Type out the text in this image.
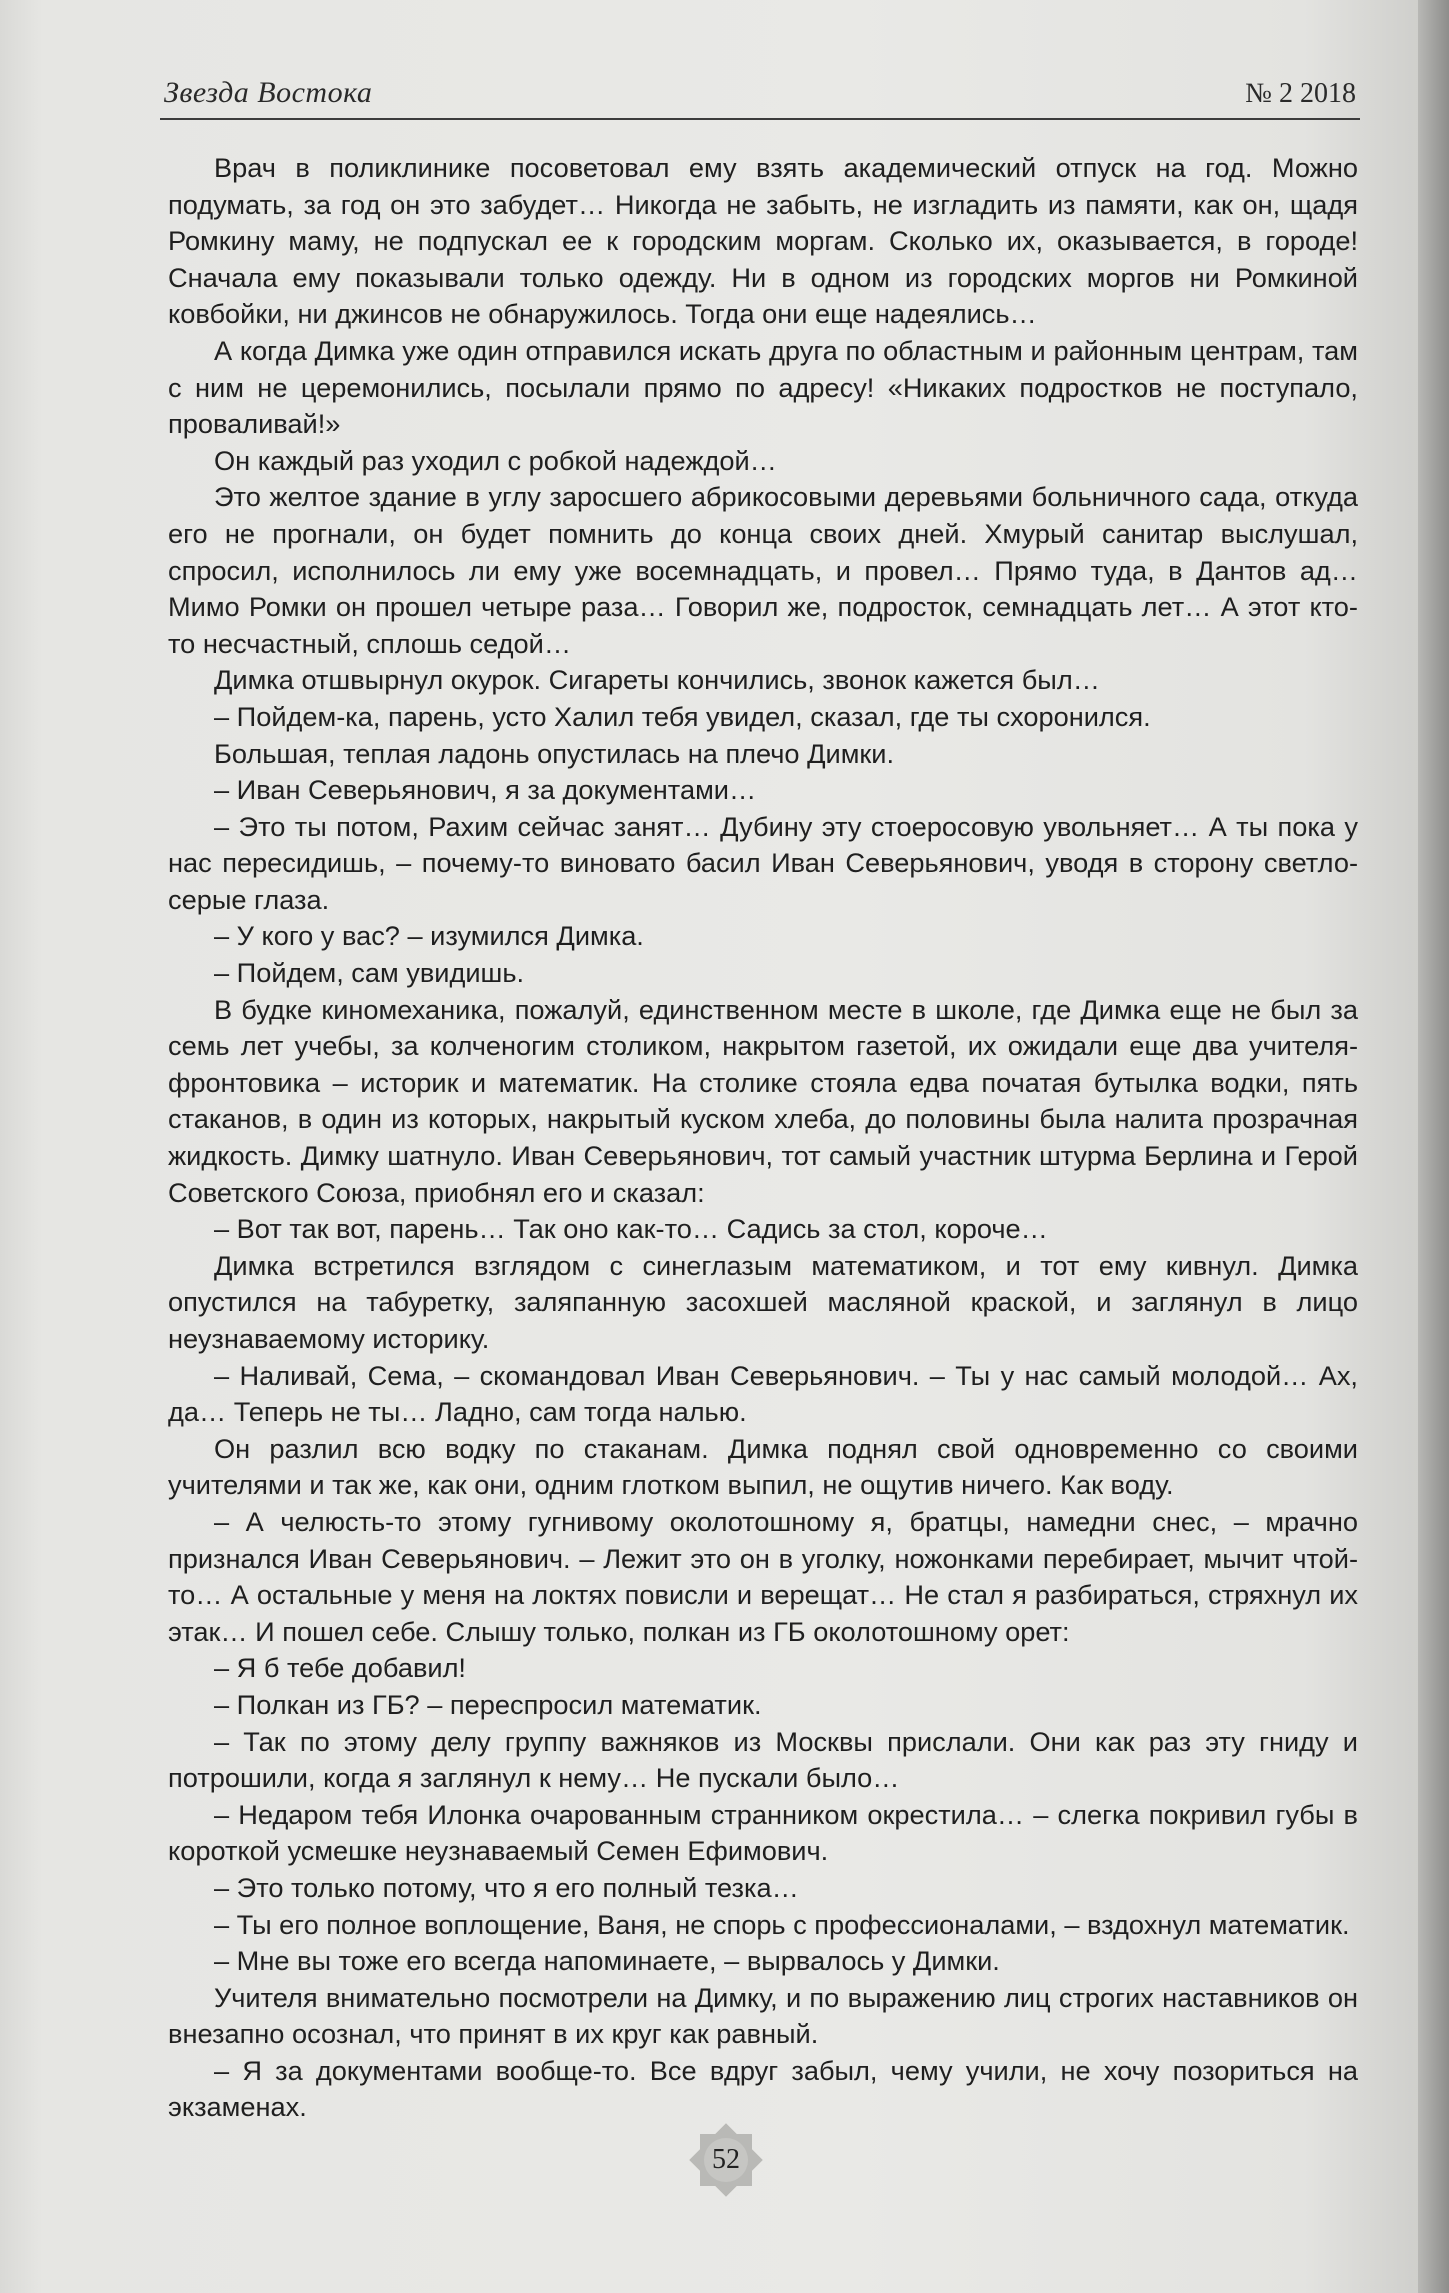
Звезда Востока	№ 2 2018

Врач в поликлинике посоветовал ему взять академический отпуск на год. Можно подумать, за год он это забудет… Никогда не забыть, не изгладить из памяти, как он, щадя Ромкину маму, не подпускал ее к городским моргам. Сколько их, оказывается, в городе! Сначала ему показывали только одежду. Ни в одном из городских моргов ни Ромкиной ковбойки, ни джинсов не обнаружилось. Тогда они еще надеялись…

А когда Димка уже один отправился искать друга по областным и районным центрам, там с ним не церемонились, посылали прямо по адресу! «Никаких подростков не поступало, проваливай!»

Он каждый раз уходил с робкой надеждой…

Это желтое здание в углу заросшего абрикосовыми деревьями больничного сада, откуда его не прогнали, он будет помнить до конца своих дней. Хмурый санитар выслушал, спросил, исполнилось ли ему уже восемнадцать, и провел… Прямо туда, в Дантов ад… Мимо Ромки он прошел четыре раза… Говорил же, подросток, семнадцать лет… А этот кто-то несчастный, сплошь седой…

Димка отшвырнул окурок. Сигареты кончились, звонок кажется был…

– Пойдем-ка, парень, усто Халил тебя увидел, сказал, где ты схоронился.

Большая, теплая ладонь опустилась на плечо Димки.

– Иван Северьянович, я за документами…

– Это ты потом, Рахим сейчас занят… Дубину эту стоеросовую увольняет… А ты пока у нас пересидишь, – почему-то виновато басил Иван Северьянович, уводя в сторону светло-серые глаза.

– У кого у вас? – изумился Димка.

– Пойдем, сам увидишь.

В будке киномеханика, пожалуй, единственном месте в школе, где Димка еще не был за семь лет учебы, за колченогим столиком, накрытом газетой, их ожидали еще два учителя-фронтовика – историк и математик. На столике стояла едва початая бутылка водки, пять стаканов, в один из которых, накрытый куском хлеба, до половины была налита прозрачная жидкость. Димку шатнуло. Иван Северьянович, тот самый участник штурма Берлина и Герой Советского Союза, приобнял его и сказал:

– Вот так вот, парень… Так оно как-то… Садись за стол, короче…

Димка встретился взглядом с синеглазым математиком, и тот ему кивнул. Димка опустился на табуретку, заляпанную засохшей масляной краской, и заглянул в лицо неузнаваемому историку.

– Наливай, Сема, – скомандовал Иван Северьянович. – Ты у нас самый молодой… Ах, да… Теперь не ты… Ладно, сам тогда налью.

Он разлил всю водку по стаканам. Димка поднял свой одновременно со своими учителями и так же, как они, одним глотком выпил, не ощутив ничего. Как воду.

– А челюсть-то этому гугнивому околотошному я, братцы, намедни снес, – мрачно признался Иван Северьянович. – Лежит это он в уголку, ножонками перебирает, мычит чтой-то… А остальные у меня на локтях повисли и верещат… Не стал я разбираться, стряхнул их этак… И пошел себе. Слышу только, полкан из ГБ околотошному орет:

– Я б тебе добавил!

– Полкан из ГБ? – переспросил математик.

– Так по этому делу группу важняков из Москвы прислали. Они как раз эту гниду и потрошили, когда я заглянул к нему… Не пускали было…

– Недаром тебя Илонка очарованным странником окрестила… – слегка покривил губы в короткой усмешке неузнаваемый Семен Ефимович.

– Это только потому, что я его полный тезка…

– Ты его полное воплощение, Ваня, не спорь с профессионалами, – вздохнул математик.

– Мне вы тоже его всегда напоминаете, – вырвалось у Димки.

Учителя внимательно посмотрели на Димку, и по выражению лиц строгих наставников он внезапно осознал, что принят в их круг как равный.

– Я за документами вообще-то. Все вдруг забыл, чему учили, не хочу позориться на экзаменах.

52
